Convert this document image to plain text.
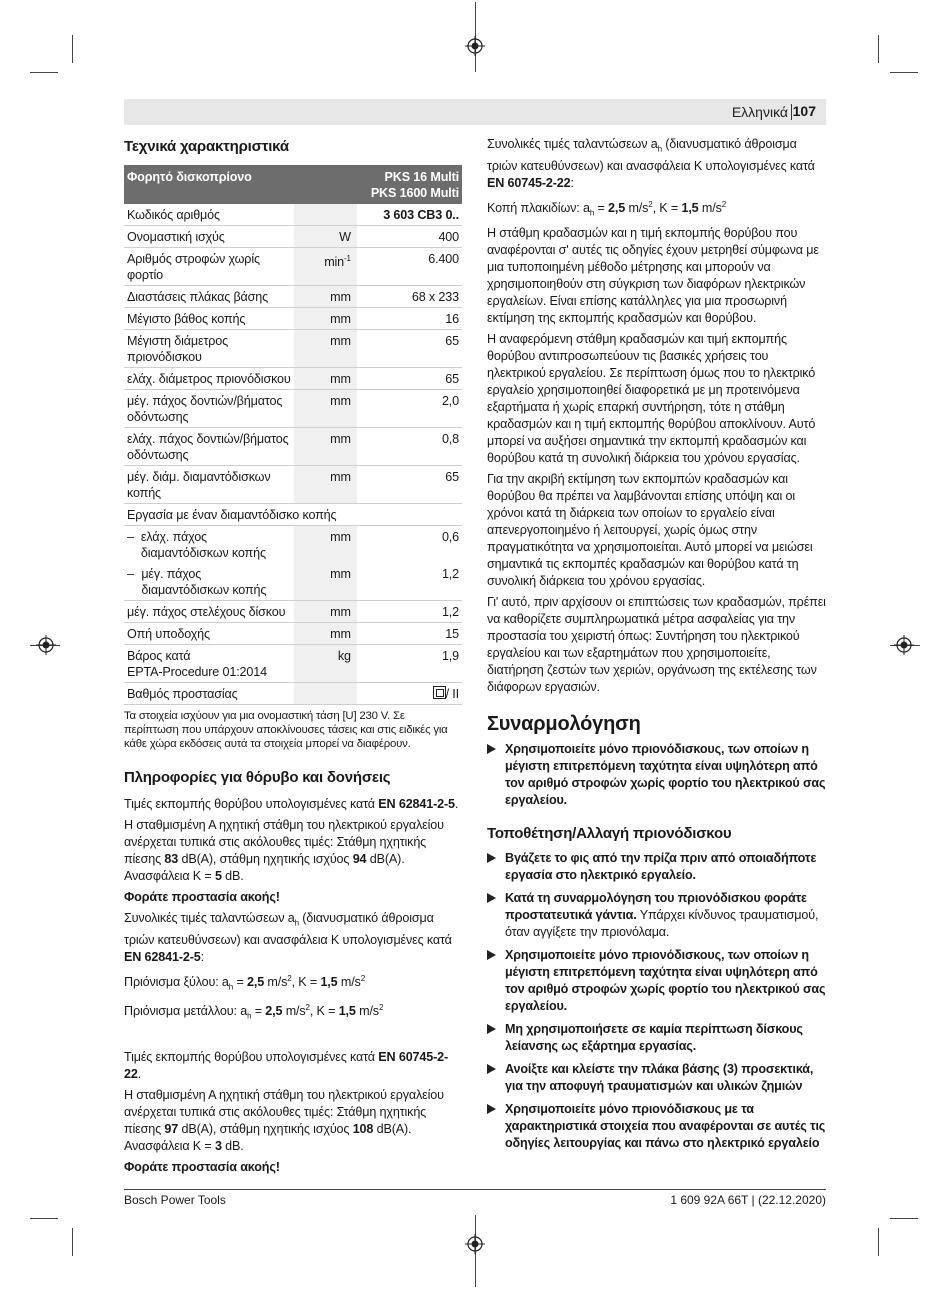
Ελληνικά 107
Τεχνικά χαρακτηριστικά
Φορητό δισκοπρίονο		PKS 16 Multi
PKS 1600 Multi
Κωδικός αριθμός		3 603 CB3 0..
Ονομαστική ισχύς	W	400
Αριθμός στροφών χωρίς φορτίο	$\min^{-1}$	6.400
Διαστάσεις πλάκας βάσης	mm	68 x 233
Μέγιστο βάθος κοπής	mm	16
Μέγιστη διάμετρος πριονόδισκου	mm	65
ελάχ. διάμετρος πριονόδισκου	mm	65
μέγ. πάχος δοντιών/βήματος οδόντωσης	mm	2,0
ελάχ. πάχος δοντιών/βήματος οδόντωσης	mm	0,8
μέγ. διάμ. διαμαντόδισκων κοπής	mm	65
Εργασία με έναν διαμαντόδισκο κοπής		

– ελάχ. πάχος διαμαντόδισκων κοπής	mm	0,6

– μέγ. πάχος διαμαντόδισκων κοπής	mm	1,2
μέγ. πάχος στελέχους δίσκου	mm	1,2
Οπή υποδοχής	mm	15
Βάρος κατά
EPTA-Procedure 01:2014	kg	1,9
Βαθμός προστασίας		/ II
Τα στοιχεία ισχύουν για μια ονομαστική τάση [U] 230 V. Σε περίπτωση που υπάρχουν αποκλίνουσες τάσεις και στις ειδικές για κάθε χώρα εκδόσεις αυτά τα στοιχεία μπορεί να διαφέρουν.
Πληροφορίες για θόρυβο και δονήσεις

Τιμές εκπομπής θορύβου υπολογισμένες κατά EN 62841-2-5.

Η σταθμισμένη Α ηχητική στάθμη του ηλεκτρικού εργαλείου ανέρχεται τυπικά στις ακόλουθες τιμές: Στάθμη ηχητικής πίεσης 83 dB(A), στάθμη ηχητικής ισχύος 94 dB(A). Ανασφάλεια K = 5 dB.

Φοράτε προστασία ακοής!

Συνολικές τιμές ταλαντώσεων $a_h$ (διανυσματικό άθροισμα τριών κατευθύνσεων) και ανασφάλεια K υπολογισμένες κατά EN 62841-2-5:

Πριόνισμα ξύλου: $a_h = 2,5$ $m/s^2$, K = 1,5 $m/s^2$

Πριόνισμα μετάλλου: $a_h = 2,5$ $m/s^2$, K = 1,5 $m/s^2$

Τιμές εκπομπής θορύβου υπολογισμένες κατά EN 60745-2-22.

Η σταθμισμένη Α ηχητική στάθμη του ηλεκτρικού εργαλείου ανέρχεται τυπικά στις ακόλουθες τιμές: Στάθμη ηχητικής πίεσης 97 dB(A), στάθμη ηχητικής ισχύος 108 dB(A). Ανασφάλεια K = 3 dB.

Φοράτε προστασία ακοής!

Συνολικές τιμές ταλαντώσεων $a_h$ (διανυσματικό άθροισμα τριών κατευθύνσεων) και ανασφάλεια K υπολογισμένες κατά EN 60745-2-22:

Κοπή πλακιδίων: $a_h = 2,5$ $m/s^2$, K = 1,5 $m/s^2$

Η στάθμη κραδασμών και η τιμή εκπομπής θορύβου που αναφέρονται σ' αυτές τις οδηγίες έχουν μετρηθεί σύμφωνα με μια τυποποιημένη μέθοδο μέτρησης και μπορούν να χρησιμοποιηθούν στη σύγκριση των διαφόρων ηλεκτρικών εργαλείων. Είναι επίσης κατάλληλες για μια προσωρινή εκτίμηση της εκπομπής κραδασμών και θορύβου.

Η αναφερόμενη στάθμη κραδασμών και τιμή εκπομπής θορύβου αντιπροσωπεύουν τις βασικές χρήσεις του ηλεκτρικού εργαλείου. Σε περίπτωση όμως που το ηλεκτρικό εργαλείο χρησιμοποιηθεί διαφορετικά με μη προτεινόμενα εξαρτήματα ή χωρίς επαρκή συντήρηση, τότε η στάθμη κραδασμών και η τιμή εκπομπής θορύβου αποκλίνουν. Αυτό μπορεί να αυξήσει σημαντικά την εκπομπή κραδασμών και θορύβου κατά τη συνολική διάρκεια του χρόνου εργασίας.

Για την ακριβή εκτίμηση των εκπομπών κραδασμών και θορύβου θα πρέπει να λαμβάνονται επίσης υπόψη και οι χρόνοι κατά τη διάρκεια των οποίων το εργαλείο είναι απενεργοποιημένο ή λειτουργεί, χωρίς όμως στην πραγματικότητα να χρησιμοποιείται. Αυτό μπορεί να μειώσει σημαντικά τις εκπομπές κραδασμών και θορύβου κατά τη συνολική διάρκεια του χρόνου εργασίας.

Γι' αυτό, πριν αρχίσουν οι επιπτώσεις των κραδασμών, πρέπει να καθορίζετε συμπληρωματικά μέτρα ασφαλείας για την προστασία του χειριστή όπως: Συντήρηση του ηλεκτρικού εργαλείου και των εξαρτημάτων που χρησιμοποιείτε, διατήρηση ζεστών των χεριών, οργάνωση της εκτέλεσης των διάφορων εργασιών.

Συναρμολόγηση
Χρησιμοποιείτε μόνο πριονόδισκους, των οποίων η μέγιστη επιτρεπόμενη ταχύτητα είναι υψηλότερη από τον αριθμό στροφών χωρίς φορτίο του ηλεκτρικού σας εργαλείου.
Τοποθέτηση/Αλλαγή πριονόδισκου
Βγάζετε το φις από την πρίζα πριν από οποιαδήποτε εργασία στο ηλεκτρικό εργαλείο.
Κατά τη συναρμολόγηση του πριονόδισκου φοράτε προστατευτικά γάντια. Υπάρχει κίνδυνος τραυματισμού, όταν αγγίξετε την πριονόλαμα.
Χρησιμοποιείτε μόνο πριονόδισκους, των οποίων η μέγιστη επιτρεπόμενη ταχύτητα είναι υψηλότερη από τον αριθμό στροφών χωρίς φορτίο του ηλεκτρικού σας εργαλείου.
Μη χρησιμοποιήσετε σε καμία περίπτωση δίσκους λείανσης ως εξάρτημα εργασίας.
Ανοίξτε και κλείστε την πλάκα βάσης (3) προσεκτικά, για την αποφυγή τραυματισμών και υλικών ζημιών
Χρησιμοποιείτε μόνο πριονόδισκους με τα χαρακτηριστικά στοιχεία που αναφέρονται σε αυτές τις οδηγίες λειτουργίας και πάνω στο ηλεκτρικό εργαλείο
Bosch Power Tools	1 609 92A 66T | (22.12.2020)
